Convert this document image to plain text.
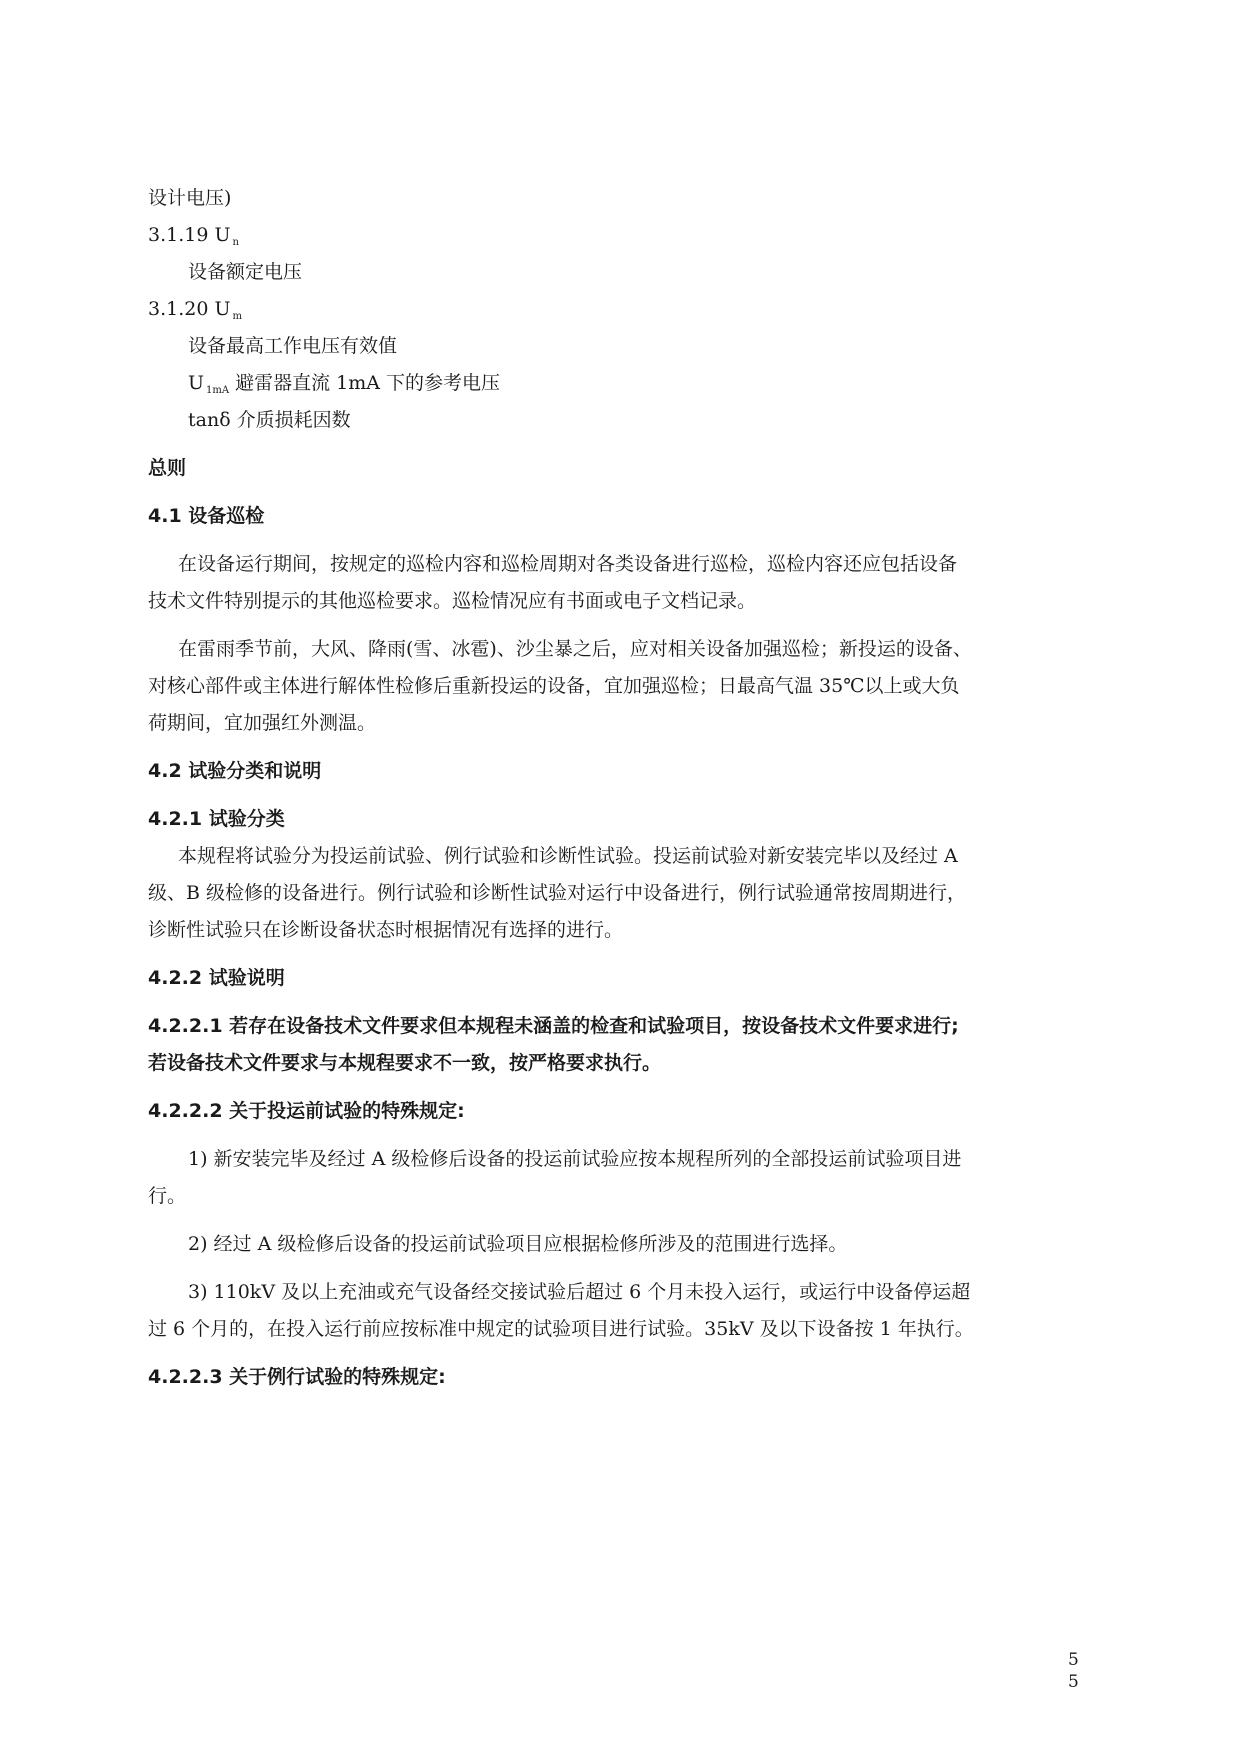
设计电压)
3.1.19 U $_n$
设备额定电压
3.1.20 U $_m$
设备最高工作电压有效值
U $_{1mA}$ 避雷器直流 1mA 下的参考电压
tanδ 介质损耗因数
总则
4.1 设备巡检
在设备运行期间，按规定的巡检内容和巡检周期对各类设备进行巡检，巡检内容还应包括设备
技术文件特别提示的其他巡检要求。巡检情况应有书面或电子文档记录。
在雷雨季节前，大风、降雨(雪、冰雹)、沙尘暴之后，应对相关设备加强巡检；新投运的设备、
对核心部件或主体进行解体性检修后重新投运的设备，宜加强巡检；日最高气温 35℃以上或大负
荷期间，宜加强红外测温。
4.2 试验分类和说明
4.2.1 试验分类
本规程将试验分为投运前试验、例行试验和诊断性试验。投运前试验对新安装完毕以及经过 A
级、B 级检修的设备进行。例行试验和诊断性试验对运行中设备进行，例行试验通常按周期进行，
诊断性试验只在诊断设备状态时根据情况有选择的进行。
4.2.2 试验说明
4.2.2.1 若存在设备技术文件要求但本规程未涵盖的检查和试验项目，按设备技术文件要求进行;
若设备技术文件要求与本规程要求不一致，按严格要求执行。
4.2.2.2 关于投运前试验的特殊规定:
1) 新安装完毕及经过 A 级检修后设备的投运前试验应按本规程所列的全部投运前试验项目进
行。
2) 经过 A 级检修后设备的投运前试验项目应根据检修所涉及的范围进行选择。
3) 110kV 及以上充油或充气设备经交接试验后超过 6 个月未投入运行，或运行中设备停运超
过 6 个月的，在投入运行前应按标准中规定的试验项目进行试验。35kV 及以下设备按 1 年执行。
4.2.2.3 关于例行试验的特殊规定:
5
5
